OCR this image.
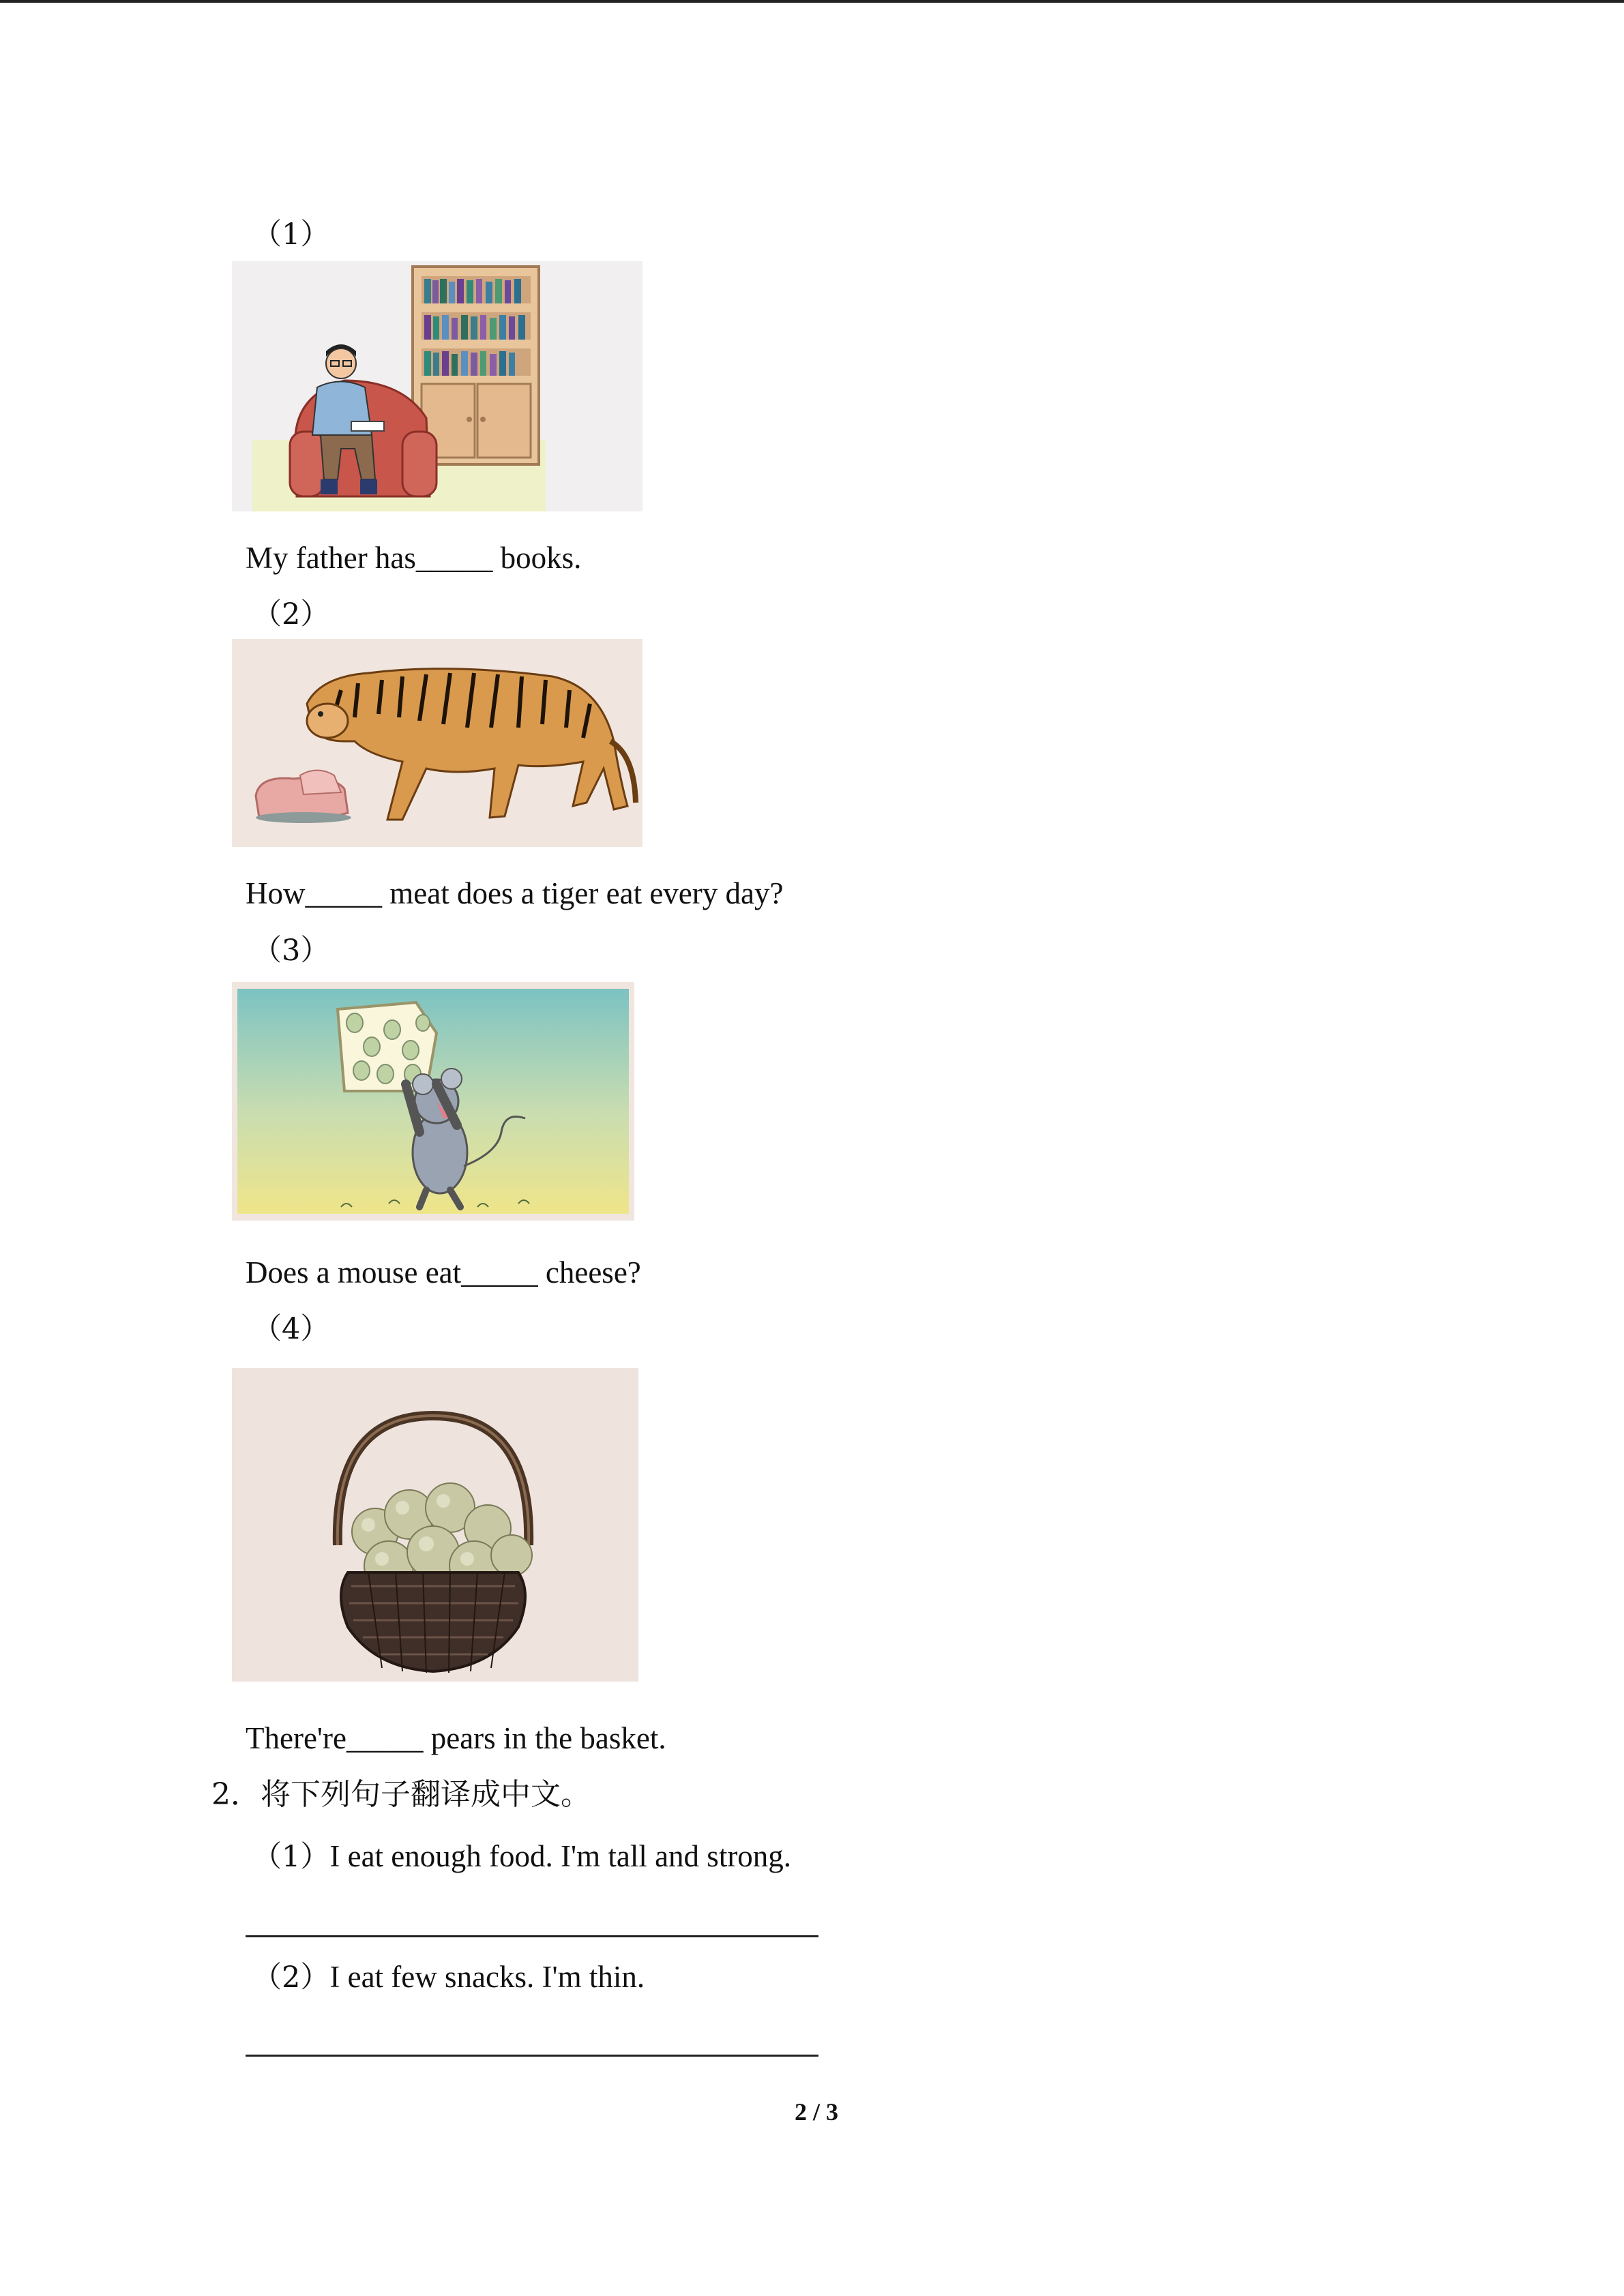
（1）
My father has_____ books.
（2）
How_____ meat does a tiger eat every day?
（3）
Does a mouse eat_____ cheese?
（4）
There're_____ pears in the basket.
2．将下列句子翻译成中文。
（1）I eat enough food. I'm tall and strong.
（2）I eat few snacks. I'm thin.
2 / 3
